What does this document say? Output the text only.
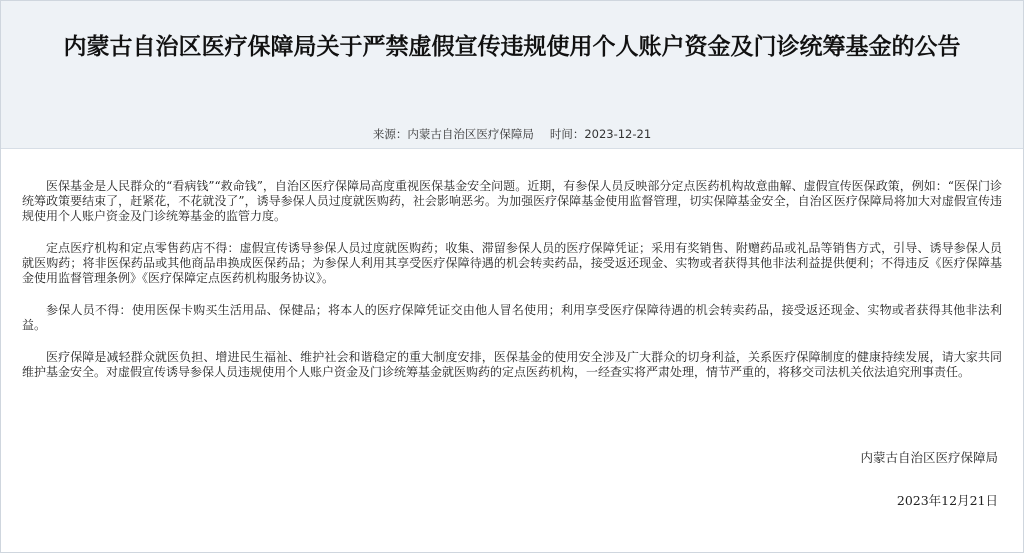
内蒙古自治区医疗保障局关于严禁虚假宣传违规使用个人账户资金及门诊统筹基金的公告
来源：内蒙古自治区医疗保障局 时间：2023-12-21

医保基金是人民群众的“看病钱”“救命钱”，自治区医疗保障局高度重视医保基金安全问题。近期，有参保人员反映部分定点医药机构故意曲解、虚假宣传医保政策，例如：“医保门诊统筹政策要结束了，赶紧花，不花就没了”，诱导参保人员过度就医购药，社会影响恶劣。为加强医疗保障基金使用监督管理，切实保障基金安全，自治区医疗保障局将加大对虚假宣传违规使用个人账户资金及门诊统筹基金的监管力度。

定点医疗机构和定点零售药店不得：虚假宣传诱导参保人员过度就医购药；收集、滞留参保人员的医疗保障凭证；采用有奖销售、附赠药品或礼品等销售方式，引导、诱导参保人员就医购药；将非医保药品或其他商品串换成医保药品；为参保人利用其享受医疗保障待遇的机会转卖药品，接受返还现金、实物或者获得其他非法利益提供便利；不得违反《医疗保障基金使用监督管理条例》《医疗保障定点医药机构服务协议》。

参保人员不得：使用医保卡购买生活用品、保健品；将本人的医疗保障凭证交由他人冒名使用；利用享受医疗保障待遇的机会转卖药品，接受返还现金、实物或者获得其他非法利益。

医疗保障是减轻群众就医负担、增进民生福祉、维护社会和谐稳定的重大制度安排，医保基金的使用安全涉及广大群众的切身利益，关系医疗保障制度的健康持续发展，请大家共同维护基金安全。对虚假宣传诱导参保人员违规使用个人账户资金及门诊统筹基金就医购药的定点医药机构，一经查实将严肃处理，情节严重的，将移交司法机关依法追究刑事责任。

内蒙古自治区医疗保障局
2023年12月21日
